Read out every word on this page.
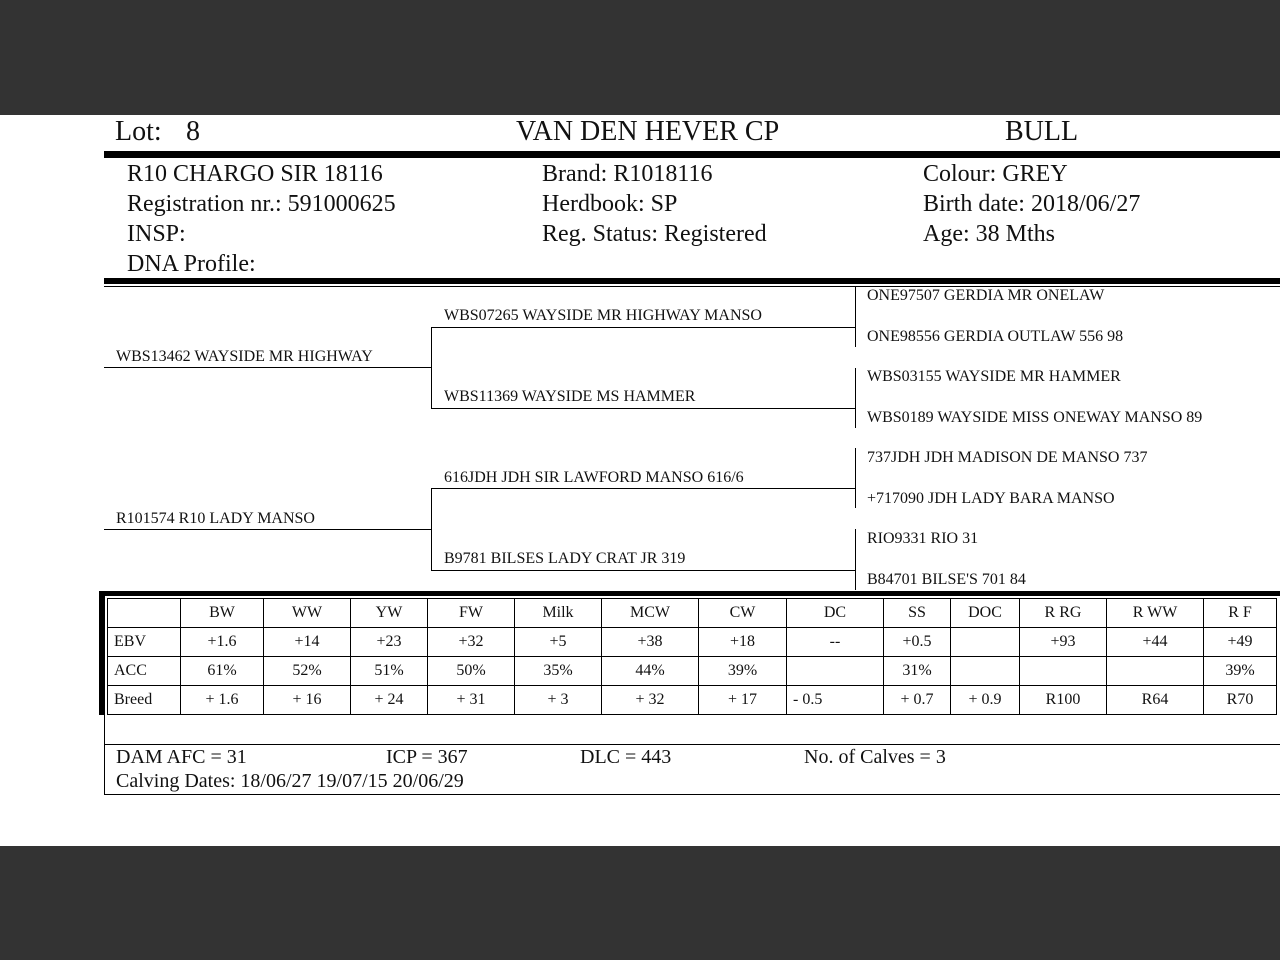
Lot: 8	VAN DEN HEVER CP	BULL
R10 CHARGO SIR 18116
Registration nr.: 591000625
INSP:
DNA Profile:
Brand: R1018116
Herdbook: SP
Reg. Status: Registered
Colour: GREY
Birth date: 2018/06/27
Age: 38 Mths
WBS13462 WAYSIDE MR HIGHWAY
R101574 R10 LADY MANSO
WBS07265 WAYSIDE MR HIGHWAY MANSO
WBS11369 WAYSIDE MS HAMMER
616JDH JDH SIR LAWFORD MANSO 616/6
B9781 BILSES LADY CRAT JR 319
ONE97507 GERDIA MR ONELAW
ONE98556 GERDIA OUTLAW 556 98
WBS03155 WAYSIDE MR HAMMER
WBS0189 WAYSIDE MISS ONEWAY MANSO 89
737JDH JDH MADISON DE MANSO 737
+717090 JDH LADY BARA MANSO
RIO9331 RIO 31
B84701 BILSE'S 701 84
	BW	WW	YW	FW	Milk	MCW	CW	DC	SS	DOC	R RG	R WW	R F
EBV	+1.6	+14	+23	+32	+5	+38	+18	--	+0.5		+93	+44	+49
ACC	61%	52%	51%	50%	35%	44%	39%		31%				39%
Breed	+ 1.6	+ 16	+ 24	+ 31	+ 3	+ 32	+ 17	- 0.5	+ 0.7	+ 0.9	R100	R64	R70
DAM AFC = 31	ICP = 367	DLC = 443	No. of Calves = 3
Calving Dates: 18/06/27 19/07/15 20/06/29
